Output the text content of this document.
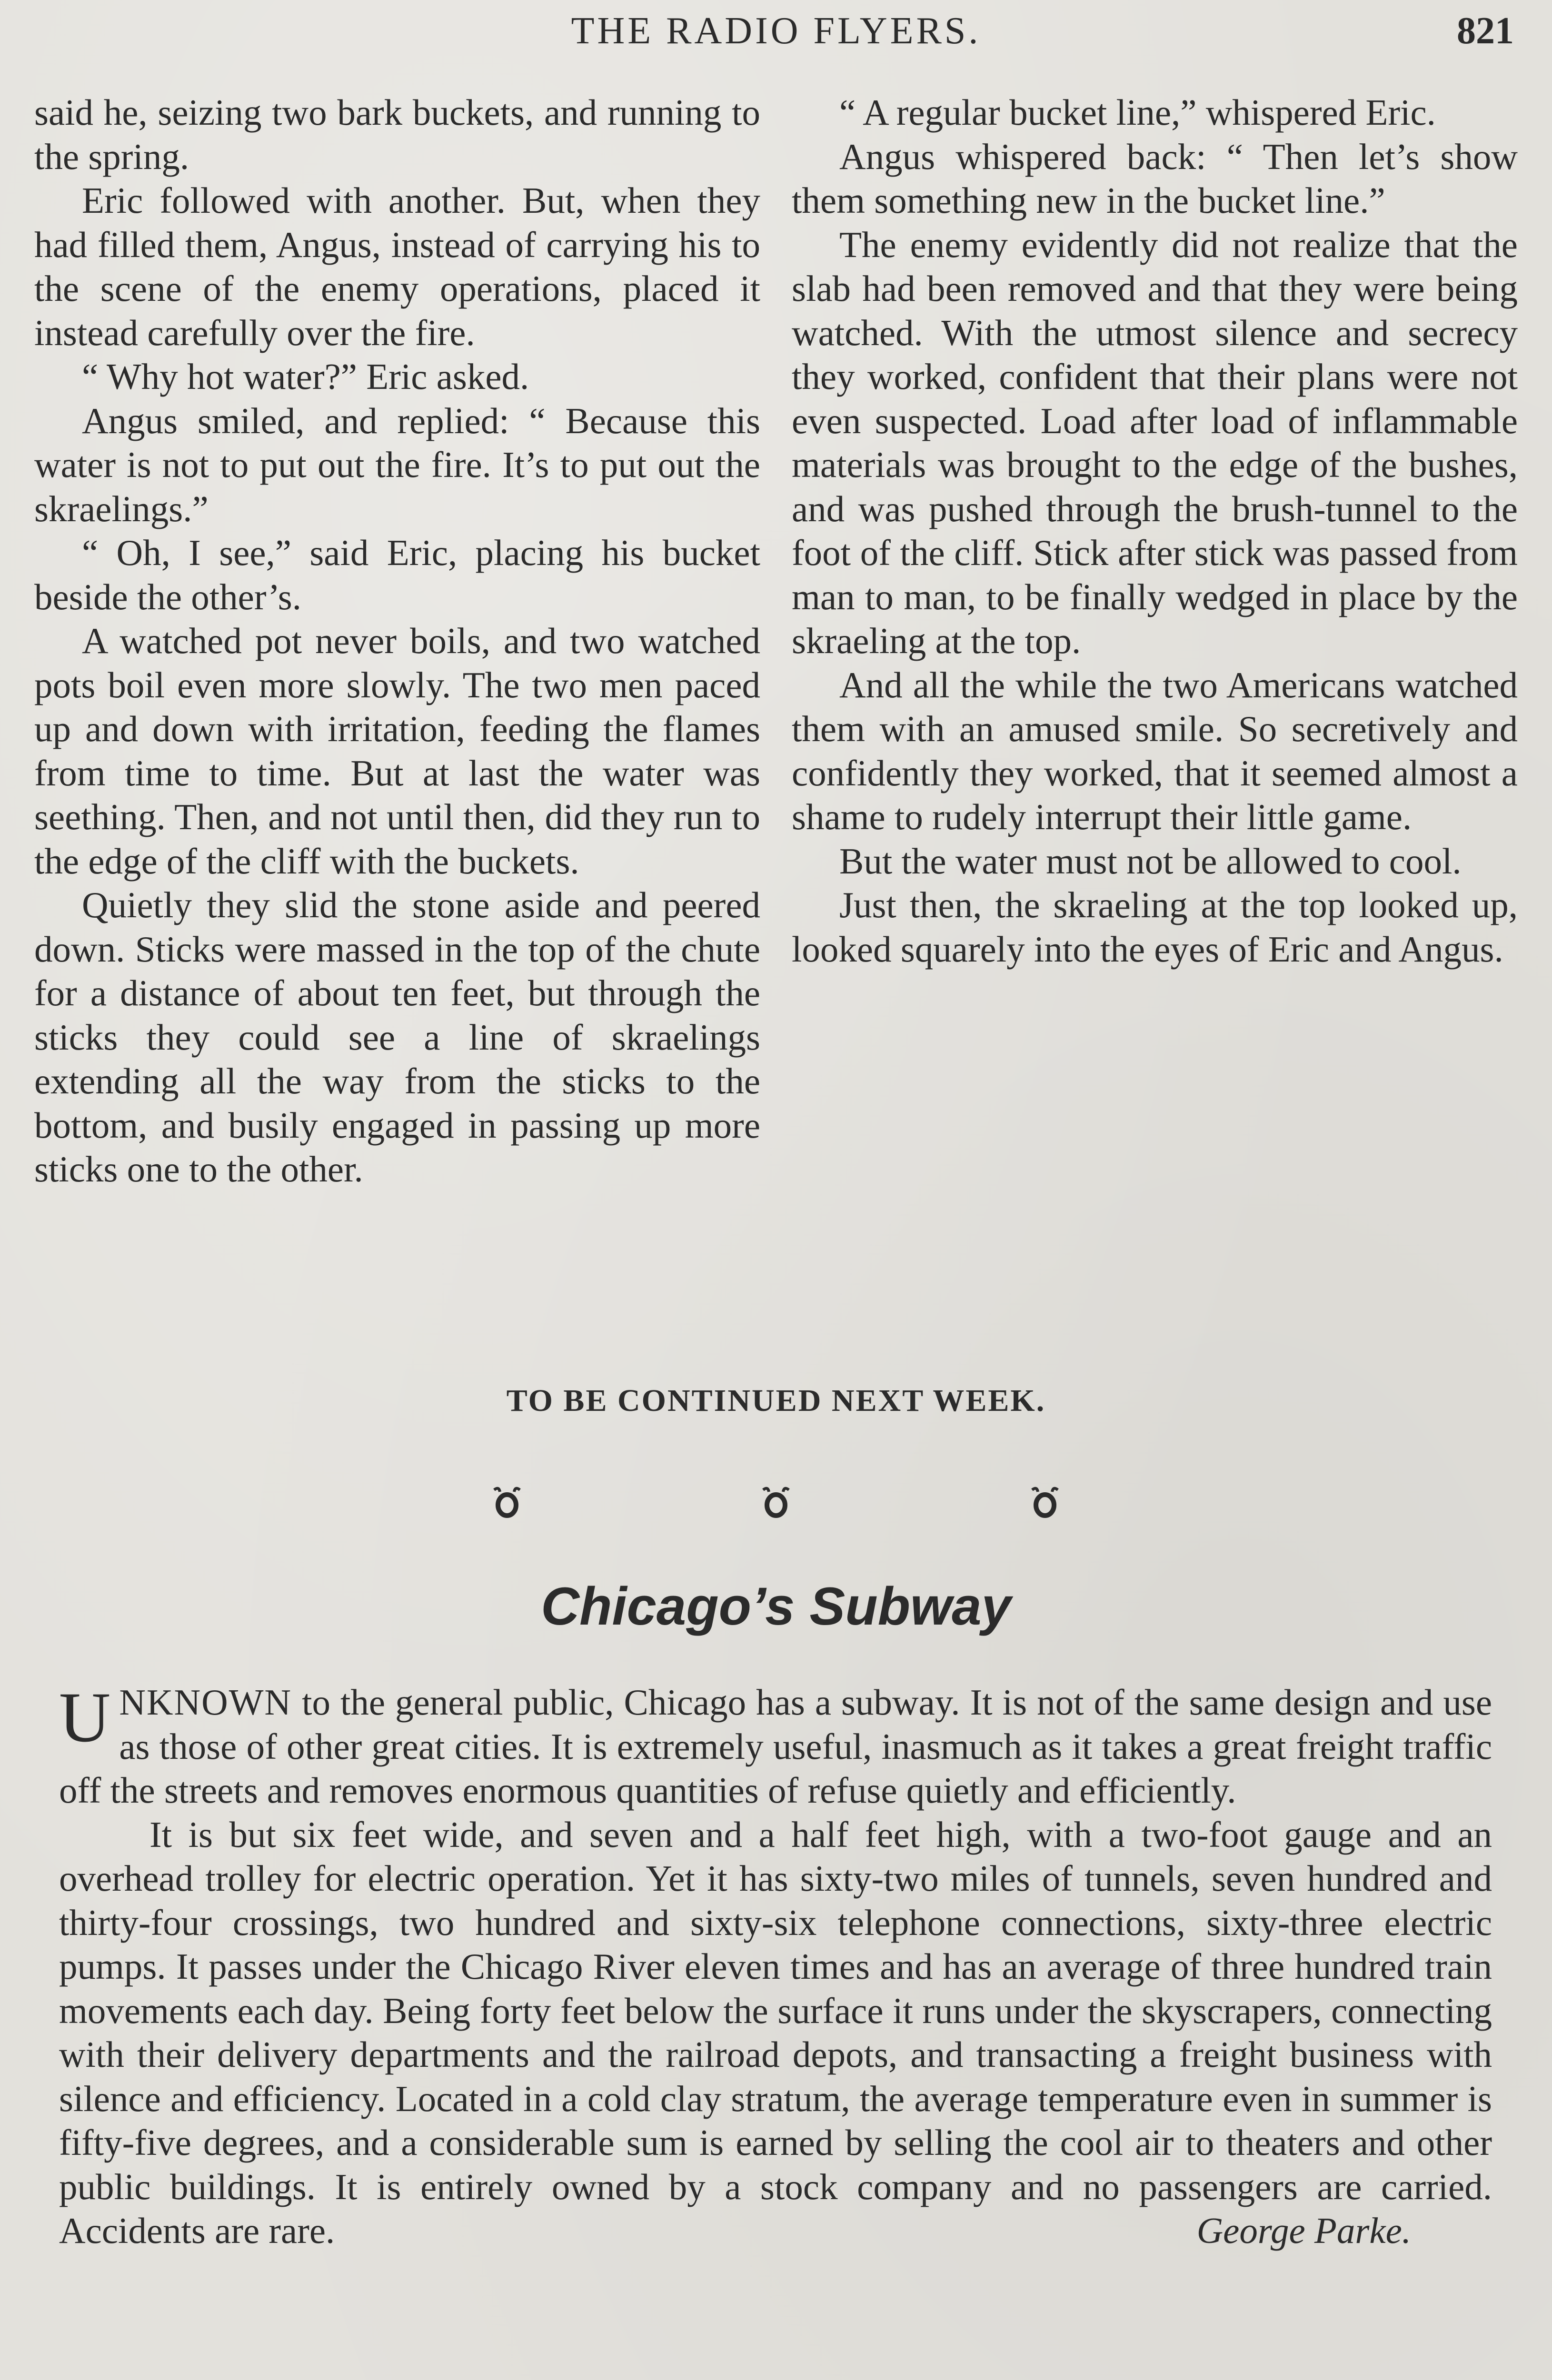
THE RADIO FLYERS.	821

said he, seizing two bark buckets, and running to the spring.

Eric followed with another. But, when they had filled them, Angus, instead of carrying his to the scene of the enemy operations, placed it instead carefully over the fire.

“ Why hot water?” Eric asked.

Angus smiled, and replied: “ Because this water is not to put out the fire. It’s to put out the skraelings.”

“ Oh, I see,” said Eric, placing his bucket beside the other’s.

A watched pot never boils, and two watched pots boil even more slowly. The two men paced up and down with irritation, feeding the flames from time to time. But at last the water was seething. Then, and not until then, did they run to the edge of the cliff with the buckets.

Quietly they slid the stone aside and peered down. Sticks were massed in the top of the chute for a distance of about ten feet, but through the sticks they could see a line of skraelings extending all the way from the sticks to the bottom, and busily engaged in passing up more sticks one to the other.

“ A regular bucket line,” whispered Eric.

Angus whispered back: “ Then let’s show them something new in the bucket line.”

The enemy evidently did not realize that the slab had been removed and that they were being watched. With the utmost silence and secrecy they worked, confident that their plans were not even suspected. Load after load of inflammable materials was brought to the edge of the bushes, and was pushed through the brush-tunnel to the foot of the cliff. Stick after stick was passed from man to man, to be finally wedged in place by the skraeling at the top.

And all the while the two Americans watched them with an amused smile. So secretively and confidently they worked, that it seemed almost a shame to rudely interrupt their little game.

But the water must not be allowed to cool.

Just then, the skraeling at the top looked up, looked squarely into the eyes of Eric and Angus.

TO BE CONTINUED NEXT WEEK.
Chicago’s Subway

UNKNOWN to the general public, Chicago has a subway. It is not of the same design and use as those of other great cities. It is extremely useful, inasmuch as it takes a great freight traffic off the streets and removes enormous quantities of refuse quietly and efficiently.

It is but six feet wide, and seven and a half feet high, with a two-foot gauge and an overhead trolley for electric operation. Yet it has sixty-two miles of tunnels, seven hundred and thirty-four crossings, two hundred and sixty-six telephone connections, sixty-three electric pumps. It passes under the Chicago River eleven times and has an average of three hundred train movements each day. Being forty feet below the surface it runs under the skyscrapers, connecting with their delivery departments and the railroad depots, and transacting a freight business with silence and efficiency. Located in a cold clay stratum, the average temperature even in summer is fifty-five degrees, and a considerable sum is earned by selling the cool air to theaters and other public buildings. It is entirely owned by a stock company and no passengers are carried. Accidents are rare.	George Parke.
